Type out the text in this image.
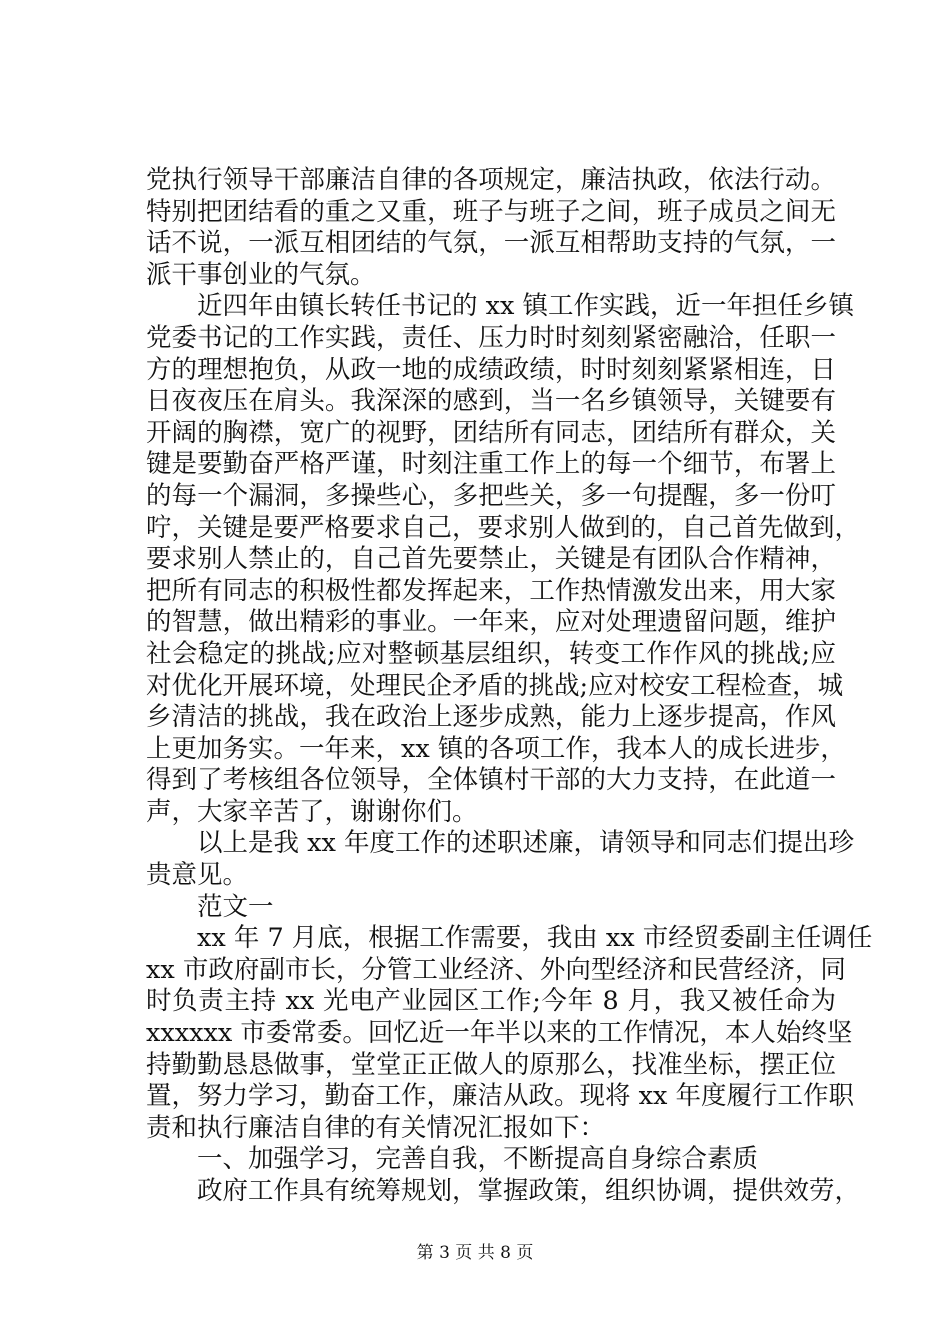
党执行领导干部廉洁自律的各项规定，廉洁执政，依法行动。
特别把团结看的重之又重，班子与班子之间，班子成员之间无
话不说，一派互相团结的气氛，一派互相帮助支持的气氛，一
派干事创业的气氛。
近四年由镇长转任书记的 xx 镇工作实践，近一年担任乡镇
党委书记的工作实践，责任、压力时时刻刻紧密融洽，任职一
方的理想抱负，从政一地的成绩政绩，时时刻刻紧紧相连，日
日夜夜压在肩头。我深深的感到，当一名乡镇领导，关键要有
开阔的胸襟，宽广的视野，团结所有同志，团结所有群众，关
键是要勤奋严格严谨，时刻注重工作上的每一个细节，布署上
的每一个漏洞，多操些心，多把些关，多一句提醒，多一份叮
咛，关键是要严格要求自己，要求别人做到的，自己首先做到，
要求别人禁止的，自己首先要禁止，关键是有团队合作精神，
把所有同志的积极性都发挥起来，工作热情激发出来，用大家
的智慧，做出精彩的事业。一年来，应对处理遗留问题，维护
社会稳定的挑战;应对整顿基层组织，转变工作作风的挑战;应
对优化开展环境，处理民企矛盾的挑战;应对校安工程检查，城
乡清洁的挑战，我在政治上逐步成熟，能力上逐步提高，作风
上更加务实。一年来，xx 镇的各项工作，我本人的成长进步，
得到了考核组各位领导，全体镇村干部的大力支持，在此道一
声，大家辛苦了，谢谢你们。
以上是我 xx 年度工作的述职述廉，请领导和同志们提出珍
贵意见。
范文一
xx 年 7 月底，根据工作需要，我由 xx 市经贸委副主任调任
xx 市政府副市长，分管工业经济、外向型经济和民营经济，同
时负责主持 xx 光电产业园区工作;今年 8 月，我又被任命为
xxxxxx 市委常委。回忆近一年半以来的工作情况，本人始终坚
持勤勤恳恳做事，堂堂正正做人的原那么，找准坐标，摆正位
置，努力学习，勤奋工作，廉洁从政。现将 xx 年度履行工作职
责和执行廉洁自律的有关情况汇报如下：
一、加强学习，完善自我，不断提高自身综合素质
政府工作具有统筹规划，掌握政策，组织协调，提供效劳，
第 3 页 共 8 页
